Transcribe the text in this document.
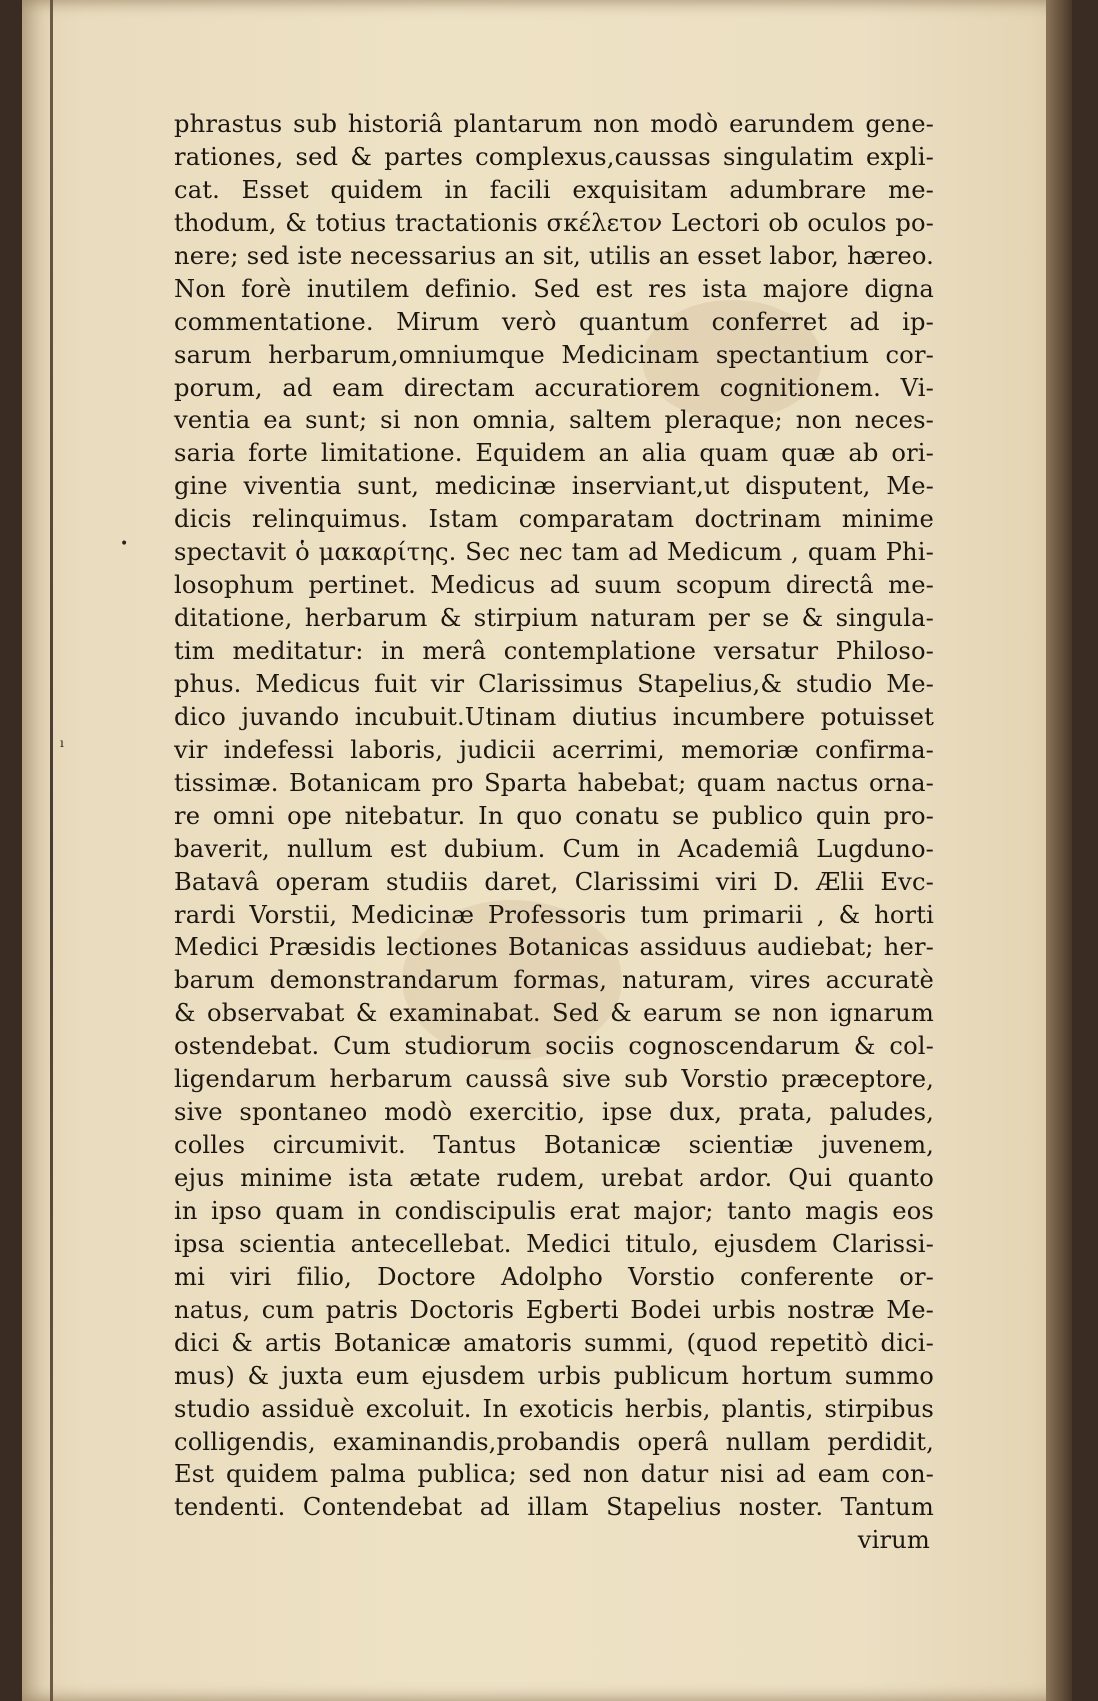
•
ı
phrastus sub historiâ plantarum non modò earundem gene-
rationes, sed & partes complexus,caussas singulatim expli-
cat. Esset quidem in facili exquisitam adumbrare me-
thodum, & totius tractationis σκέλετον Lectori ob oculos po-
nere; sed iste necessarius an sit, utilis an esset labor, hæreo.
Non forè inutilem definio. Sed est res ista majore digna
commentatione. Mirum verò quantum conferret ad ip-
sarum herbarum,omniumque Medicinam spectantium cor-
porum, ad eam directam accuratiorem cognitionem. Vi-
ventia ea sunt; si non omnia, saltem pleraque; non neces-
saria forte limitatione. Equidem an alia quam quæ ab ori-
gine viventia sunt, medicinæ inserviant,ut disputent, Me-
dicis relinquimus. Istam comparatam doctrinam minime
spectavit ὁ μακαρίτης. Sec nec tam ad Medicum , quam Phi-
losophum pertinet. Medicus ad suum scopum directâ me-
ditatione, herbarum & stirpium naturam per se & singula-
tim meditatur: in merâ contemplatione versatur Philoso-
phus. Medicus fuit vir Clarissimus Stapelius,& studio Me-
dico juvando incubuit.Utinam diutius incumbere potuisset
vir indefessi laboris, judicii acerrimi, memoriæ confirma-
tissimæ. Botanicam pro Sparta habebat; quam nactus orna-
re omni ope nitebatur. In quo conatu se publico quin pro-
baverit, nullum est dubium. Cum in Academiâ Lugduno-
Batavâ operam studiis daret, Clarissimi viri D. Ælii Evc-
rardi Vorstii, Medicinæ Professoris tum primarii , & horti
Medici Præsidis lectiones Botanicas assiduus audiebat; her-
barum demonstrandarum formas, naturam, vires accuratè
& observabat & examinabat. Sed & earum se non ignarum
ostendebat. Cum studiorum sociis cognoscendarum & col-
ligendarum herbarum caussâ sive sub Vorstio præceptore,
sive spontaneo modò exercitio, ipse dux, prata, paludes,
colles circumivit. Tantus Botanicæ scientiæ juvenem,
ejus minime ista ætate rudem, urebat ardor. Qui quanto
in ipso quam in condiscipulis erat major; tanto magis eos
ipsa scientia antecellebat. Medici titulo, ejusdem Clarissi-
mi viri filio, Doctore Adolpho Vorstio conferente or-
natus, cum patris Doctoris Egberti Bodei urbis nostræ Me-
dici & artis Botanicæ amatoris summi, (quod repetitò dici-
mus) & juxta eum ejusdem urbis publicum hortum summo
studio assiduè excoluit. In exoticis herbis, plantis, stirpibus
colligendis, examinandis,probandis operâ nullam perdidit,
Est quidem palma publica; sed non datur nisi ad eam con-
tendenti. Contendebat ad illam Stapelius noster. Tantum
virum
